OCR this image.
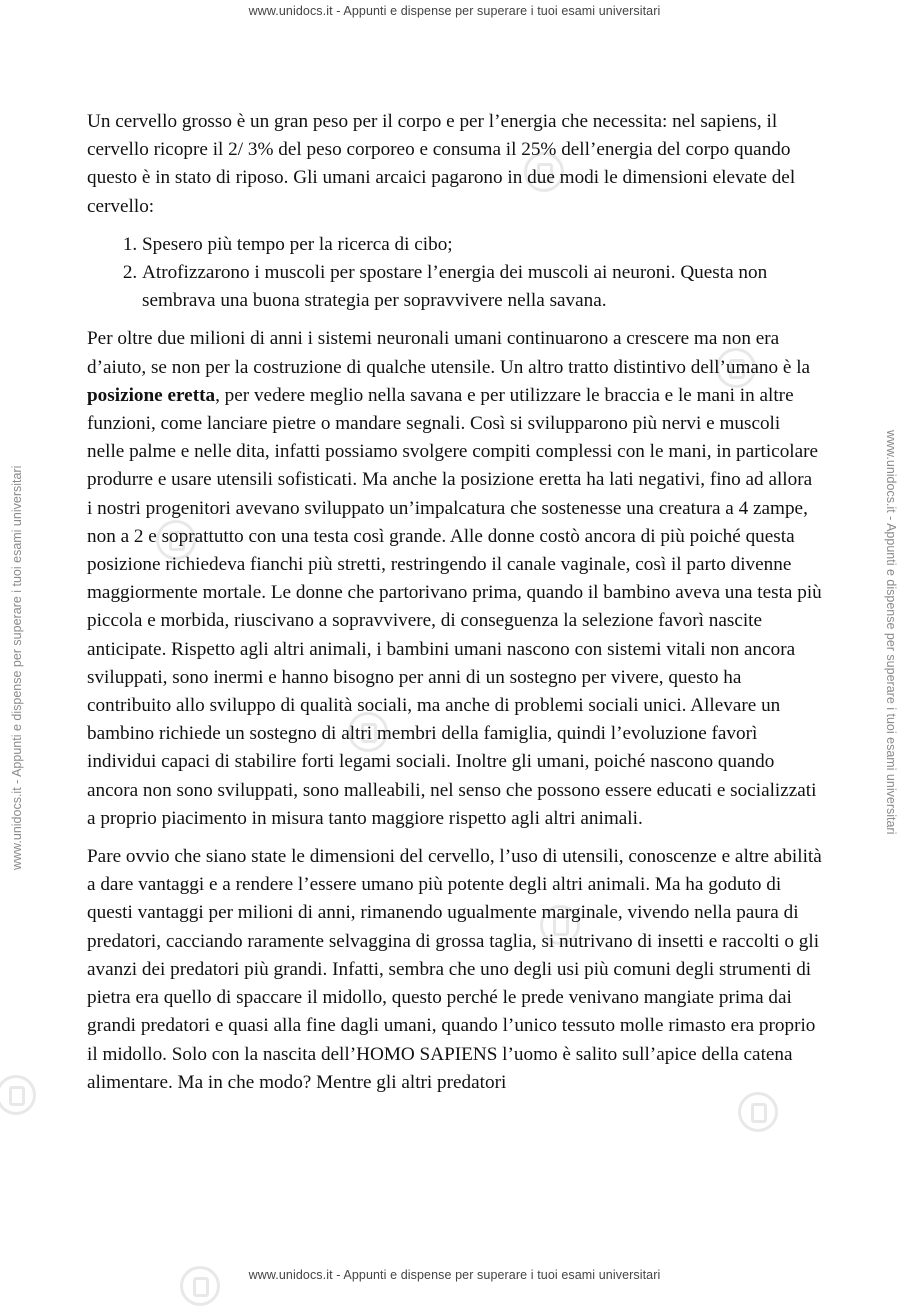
www.unidocs.it - Appunti e dispense per superare i tuoi esami universitari
www.unidocs.it - Appunti e dispense per superare i tuoi esami universitari
www.unidocs.it - Appunti e dispense per superare i tuoi esami universitari	www.unidocs.it - Appunti e dispense per superare i tuoi esami universitari

Un cervello grosso è un gran peso per il corpo e per l’energia che necessita: nel sapiens, il cervello ricopre il 2/ 3% del peso corporeo e consuma il 25% dell’energia del corpo quando questo è in stato di riposo. Gli umani arcaici pagarono in due modi le dimensioni elevate del cervello:

1. Spesero più tempo per la ricerca di cibo;
2. Atrofizzarono i muscoli per spostare l’energia dei muscoli ai neuroni. Questa non sembrava una buona strategia per sopravvivere nella savana.

Per oltre due milioni di anni i sistemi neuronali umani continuarono a crescere ma non era d’aiuto, se non per la costruzione di qualche utensile. Un altro tratto distintivo dell’umano è la posizione eretta, per vedere meglio nella savana e per utilizzare le braccia e le mani in altre funzioni, come lanciare pietre o mandare segnali. Così si svilupparono più nervi e muscoli nelle palme e nelle dita, infatti possiamo svolgere compiti complessi con le mani, in particolare produrre e usare utensili sofisticati. Ma anche la posizione eretta ha lati negativi, fino ad allora i nostri progenitori avevano sviluppato un’impalcatura che sostenesse una creatura a 4 zampe, non a 2 e soprattutto con una testa così grande. Alle donne costò ancora di più poiché questa posizione richiedeva fianchi più stretti, restringendo il canale vaginale, così il parto divenne maggiormente mortale. Le donne che partorivano prima, quando il bambino aveva una testa più piccola e morbida, riuscivano a sopravvivere, di conseguenza la selezione favorì nascite anticipate. Rispetto agli altri animali, i bambini umani nascono con sistemi vitali non ancora sviluppati, sono inermi e hanno bisogno per anni di un sostegno per vivere, questo ha contribuito allo sviluppo di qualità sociali, ma anche di problemi sociali unici. Allevare un bambino richiede un sostegno di altri membri della famiglia, quindi l’evoluzione favorì individui capaci di stabilire forti legami sociali. Inoltre gli umani, poiché nascono quando ancora non sono sviluppati, sono malleabili, nel senso che possono essere educati e socializzati a proprio piacimento in misura tanto maggiore rispetto agli altri animali.

Pare ovvio che siano state le dimensioni del cervello, l’uso di utensili, conoscenze e altre abilità a dare vantaggi e a rendere l’essere umano più potente degli altri animali. Ma ha goduto di questi vantaggi per milioni di anni, rimanendo ugualmente marginale, vivendo nella paura di predatori, cacciando raramente selvaggina di grossa taglia, si nutrivano di insetti e raccolti o gli avanzi dei predatori più grandi. Infatti, sembra che uno degli usi più comuni degli strumenti di pietra era quello di spaccare il midollo, questo perché le prede venivano mangiate prima dai grandi predatori e quasi alla fine dagli umani, quando l’unico tessuto molle rimasto era proprio il midollo. Solo con la nascita dell’HOMO SAPIENS l’uomo è salito sull’apice della catena alimentare. Ma in che modo? Mentre gli altri predatori
